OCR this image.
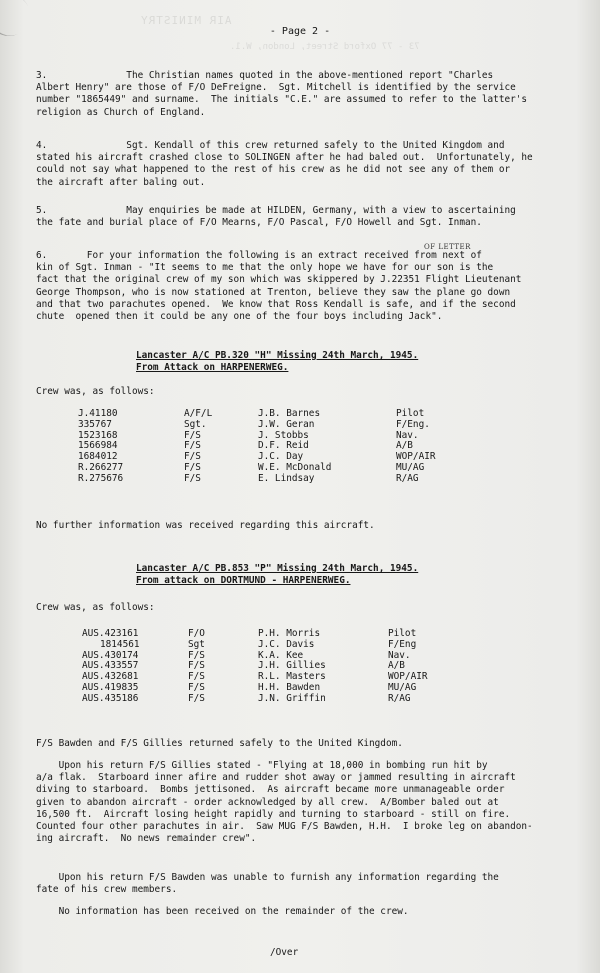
AIR MINISTRY
73 - 77 Oxford Street, London, W.1.
- Page 2 -
3.              The Christian names quoted in the above-mentioned report "Charles
Albert Henry" are those of F/O DeFreigne.  Sgt. Mitchell is identified by the service
number "1865449" and surname.  The initials "C.E." are assumed to refer to the latter's
religion as Church of England.
4.              Sgt. Kendall of this crew returned safely to the United Kingdom and
stated his aircraft crashed close to SOLINGEN after he had baled out.  Unfortunately, he
could not say what happened to the rest of his crew as he did not see any of them or
the aircraft after baling out.
5.              May enquiries be made at HILDEN, Germany, with a view to ascertaining
the fate and burial place of F/O Mearns, F/O Pascal, F/O Howell and Sgt. Inman.
OF LETTER
6.       For your information the following is an extract received from next of
kin of Sgt. Inman - "It seems to me that the only hope we have for our son is the
fact that the original crew of my son which was skippered by J.22351 Flight Lieutenant
George Thompson, who is now stationed at Trenton, believe they saw the plane go down
and that two parachutes opened.  We know that Ross Kendall is safe, and if the second
chute  opened then it could be any one of the four boys including Jack".
Lancaster A/C PB.320 "H" Missing 24th March, 1945.
From Attack on HARPENERWEG.
Crew was, as follows:
J.41180	A/F/L	J.B. Barnes	Pilot
335767	Sgt.	J.W. Geran	F/Eng.
1523168	F/S	J. Stobbs	Nav.
1566984	F/S	D.F. Reid	A/B
1684012	F/S	J.C. Day	WOP/AIR
R.266277	F/S	W.E. McDonald	MU/AG
R.275676	F/S	E. Lindsay	R/AG
No further information was received regarding this aircraft.
Lancaster A/C PB.853 "P" Missing 24th March, 1945.
From attack on DORTMUND - HARPENERWEG.
Crew was, as follows:
AUS.423161	F/O	P.H. Morris	Pilot
1814561	Sgt	J.C. Davis	F/Eng
AUS.430174	F/S	K.A. Kee	Nav.
AUS.433557	F/S	J.H. Gillies	A/B
AUS.432681	F/S	R.L. Masters	WOP/AIR
AUS.419835	F/S	H.H. Bawden	MU/AG
AUS.435186	F/S	J.N. Griffin	R/AG
F/S Bawden and F/S Gillies returned safely to the United Kingdom.
Upon his return F/S Gillies stated - "Flying at 18,000 in bombing run hit by
a/a flak.  Starboard inner afire and rudder shot away or jammed resulting in aircraft
diving to starboard.  Bombs jettisoned.  As aircraft became more unmanageable order
given to abandon aircraft - order acknowledged by all crew.  A/Bomber baled out at
16,500 ft.  Aircraft losing height rapidly and turning to starboard - still on fire.
Counted four other parachutes in air.  Saw MUG F/S Bawden, H.H.  I broke leg on abandon-
ing aircraft.  No news remainder crew".
Upon his return F/S Bawden was unable to furnish any information regarding the
fate of his crew members.
No information has been received on the remainder of the crew.
/Over
